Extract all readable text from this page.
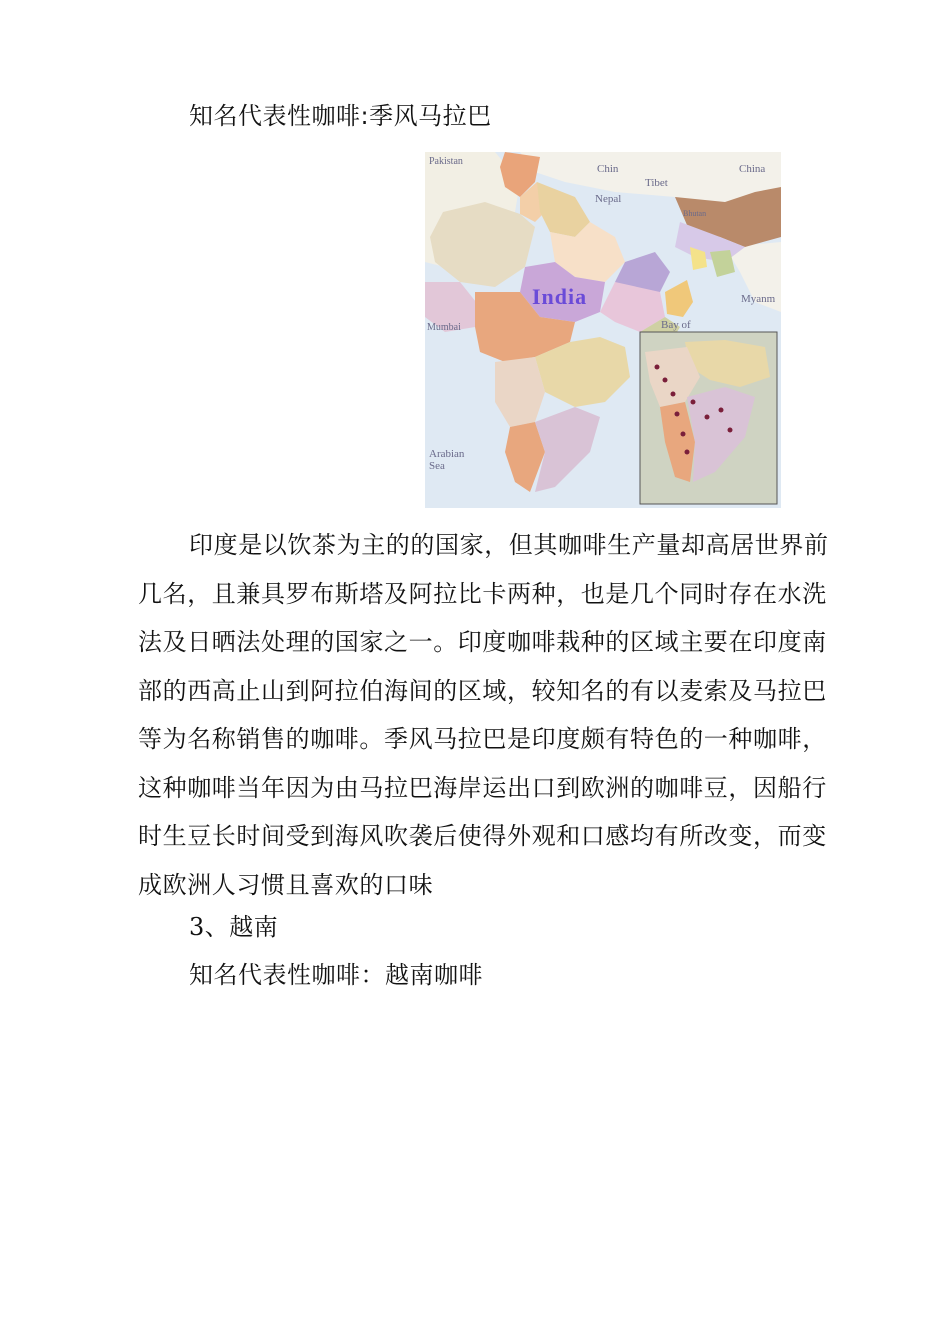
知名代表性咖啡:季风马拉巴
Pakistan
Chin
Tibet
China
Nepal
Bhutan
Myanm
Mumbai	Bay of
Arabian
Sea
India
印度是以饮茶为主的的国家，但其咖啡生产量却高居世界前
几名，且兼具罗布斯塔及阿拉比卡两种，也是几个同时存在水洗
法及日晒法处理的国家之一。印度咖啡栽种的区域主要在印度南
部的西高止山到阿拉伯海间的区域，较知名的有以麦索及马拉巴
等为名称销售的咖啡。季风马拉巴是印度颇有特色的一种咖啡，
这种咖啡当年因为由马拉巴海岸运出口到欧洲的咖啡豆，因船行
时生豆长时间受到海风吹袭后使得外观和口感均有所改变，而变
成欧洲人习惯且喜欢的口味
3、越南
知名代表性咖啡：越南咖啡
